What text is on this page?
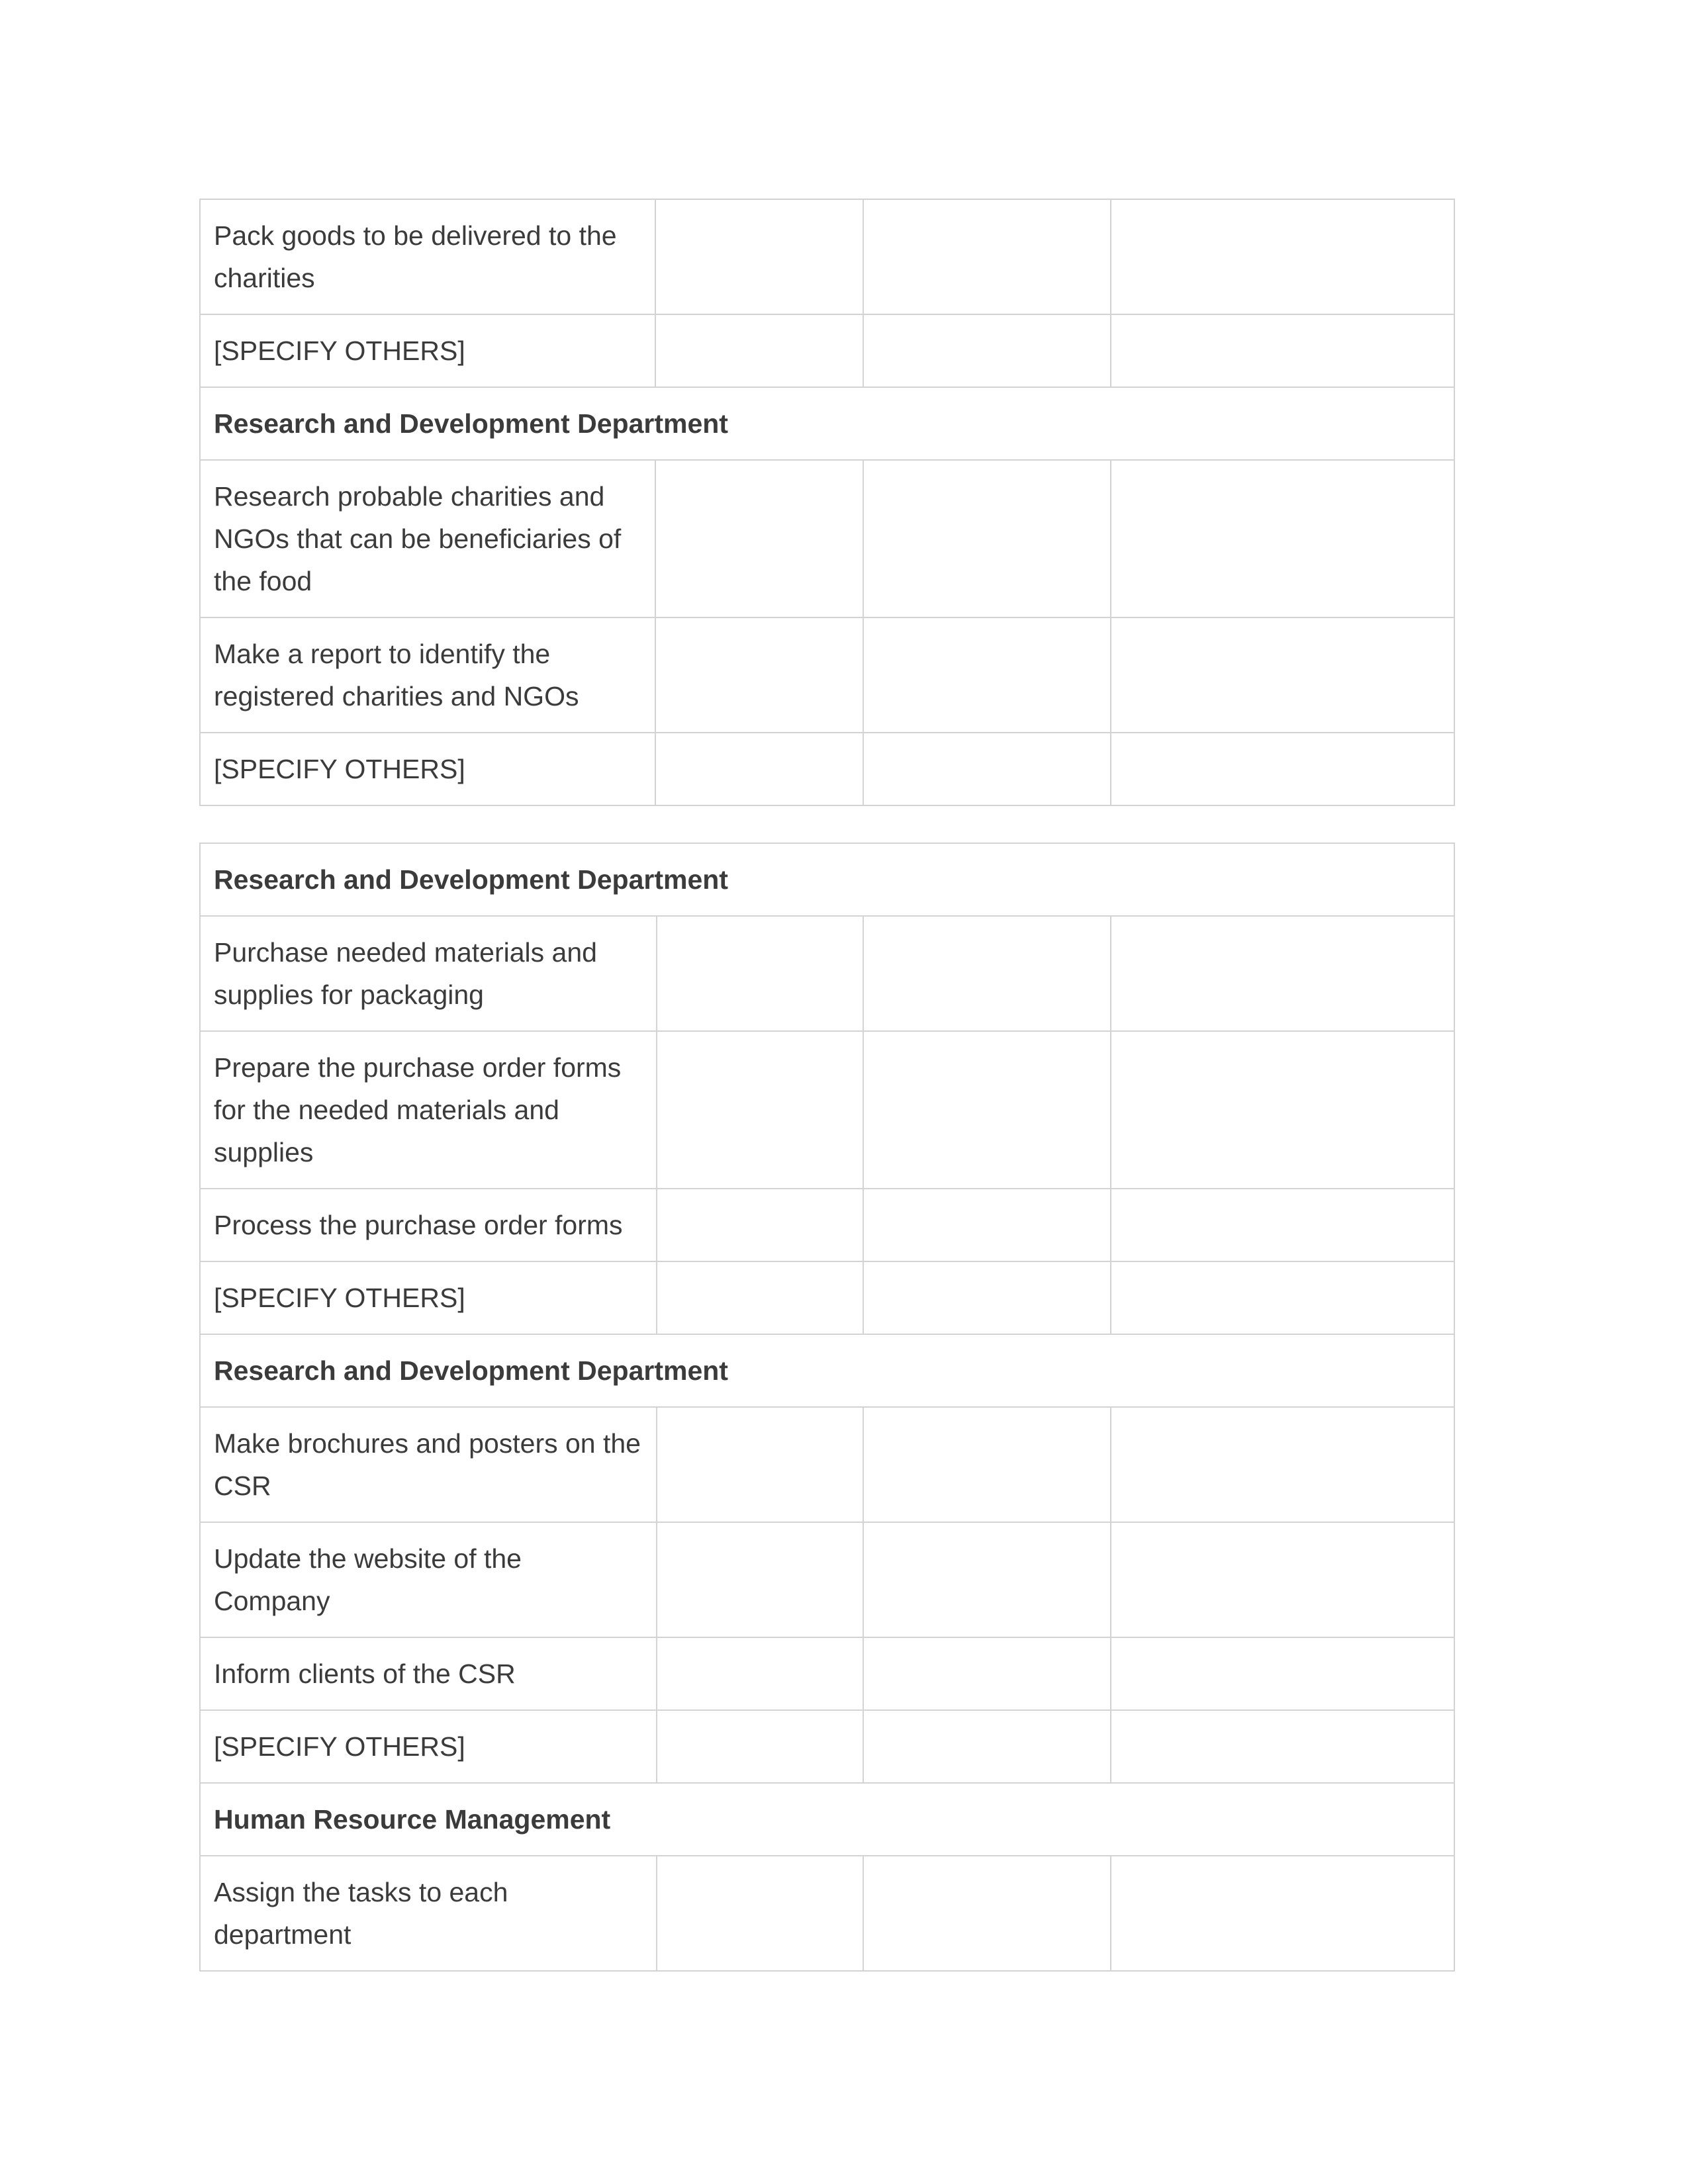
Pack goods to be delivered to the charities			
[SPECIFY OTHERS]			
Research and Development Department			
Research probable charities and NGOs that can be beneficiaries of the food			
Make a report to identify the registered charities and NGOs			
[SPECIFY OTHERS]			
Research and Development Department			
Purchase needed materials and supplies for packaging			
Prepare the purchase order forms for the needed materials and supplies			
Process the purchase order forms			
[SPECIFY OTHERS]			
Research and Development Department			
Make brochures and posters on the CSR			
Update the website of the Company			
Inform clients of the CSR			
[SPECIFY OTHERS]			
Human Resource Management			
Assign the tasks to each department			
